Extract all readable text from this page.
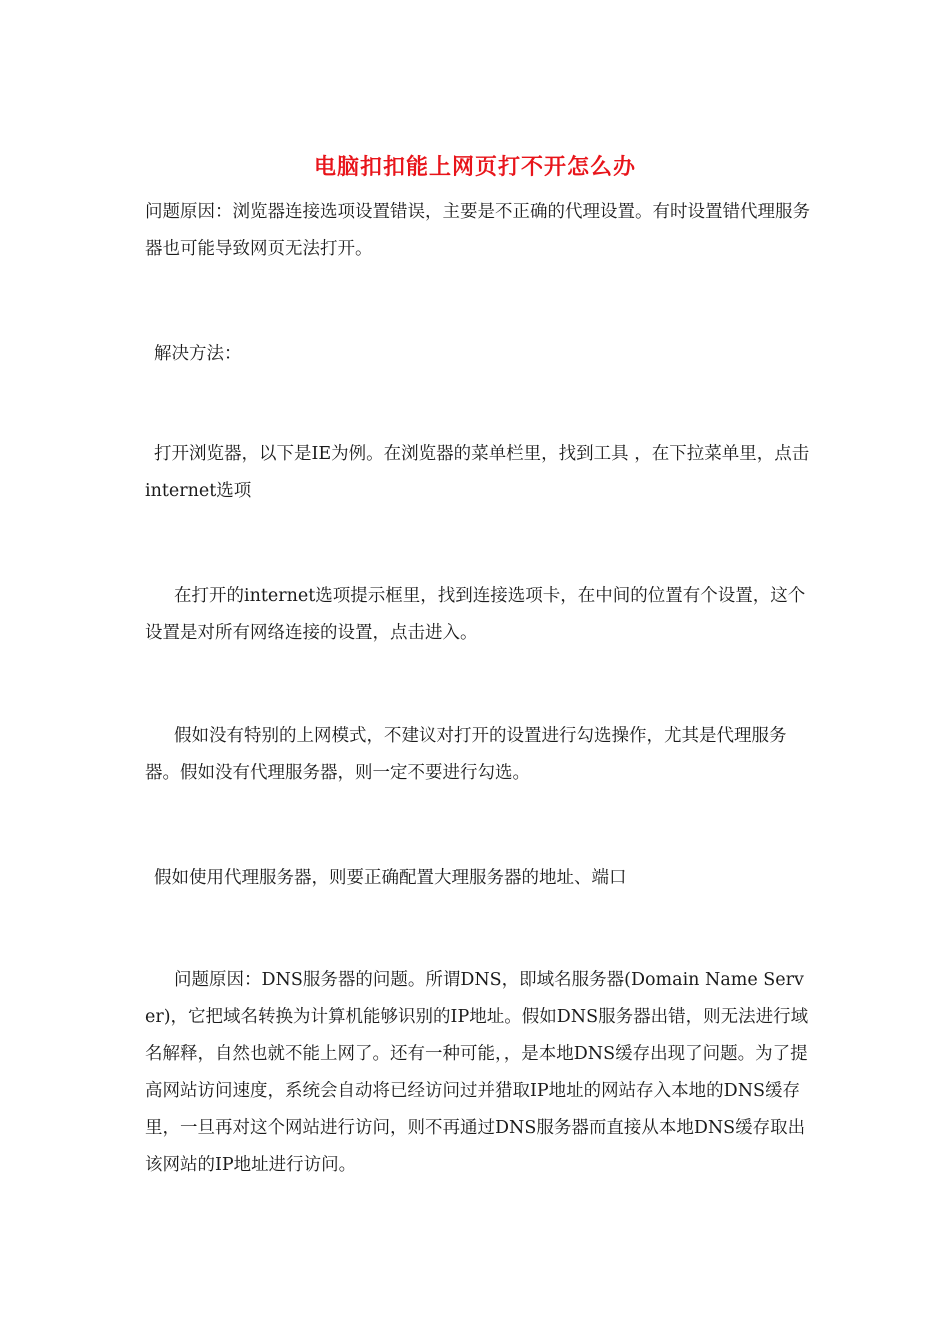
电脑扣扣能上网页打不开怎么办

问题原因：浏览器连接选项设置错误，主要是不正确的代理设置。有时设置错代理服务器也可能导致网页无法打开。

解决方法：

打开浏览器，以下是IE为例。在浏览器的菜单栏里，找到工具 ，在下拉菜单里，点击internet选项

在打开的internet选项提示框里，找到连接选项卡，在中间的位置有个设置，这个设置是对所有网络连接的设置，点击进入。

假如没有特别的上网模式，不建议对打开的设置进行勾选操作，尤其是代理服务器。假如没有代理服务器，则一定不要进行勾选。

假如使用代理服务器，则要正确配置大理服务器的地址、端口

问题原因：DNS服务器的问题。所谓DNS，即域名服务器(Domain Name Server)，它把域名转换为计算机能够识别的IP地址。假如DNS服务器出错，则无法进行域名解释，自然也就不能上网了。还有一种可能，，是本地DNS缓存出现了问题。为了提高网站访问速度，系统会自动将已经访问过并猎取IP地址的网站存入本地的DNS缓存里，一旦再对这个网站进行访问，则不再通过DNS服务器而直接从本地DNS缓存取出该网站的IP地址进行访问。
